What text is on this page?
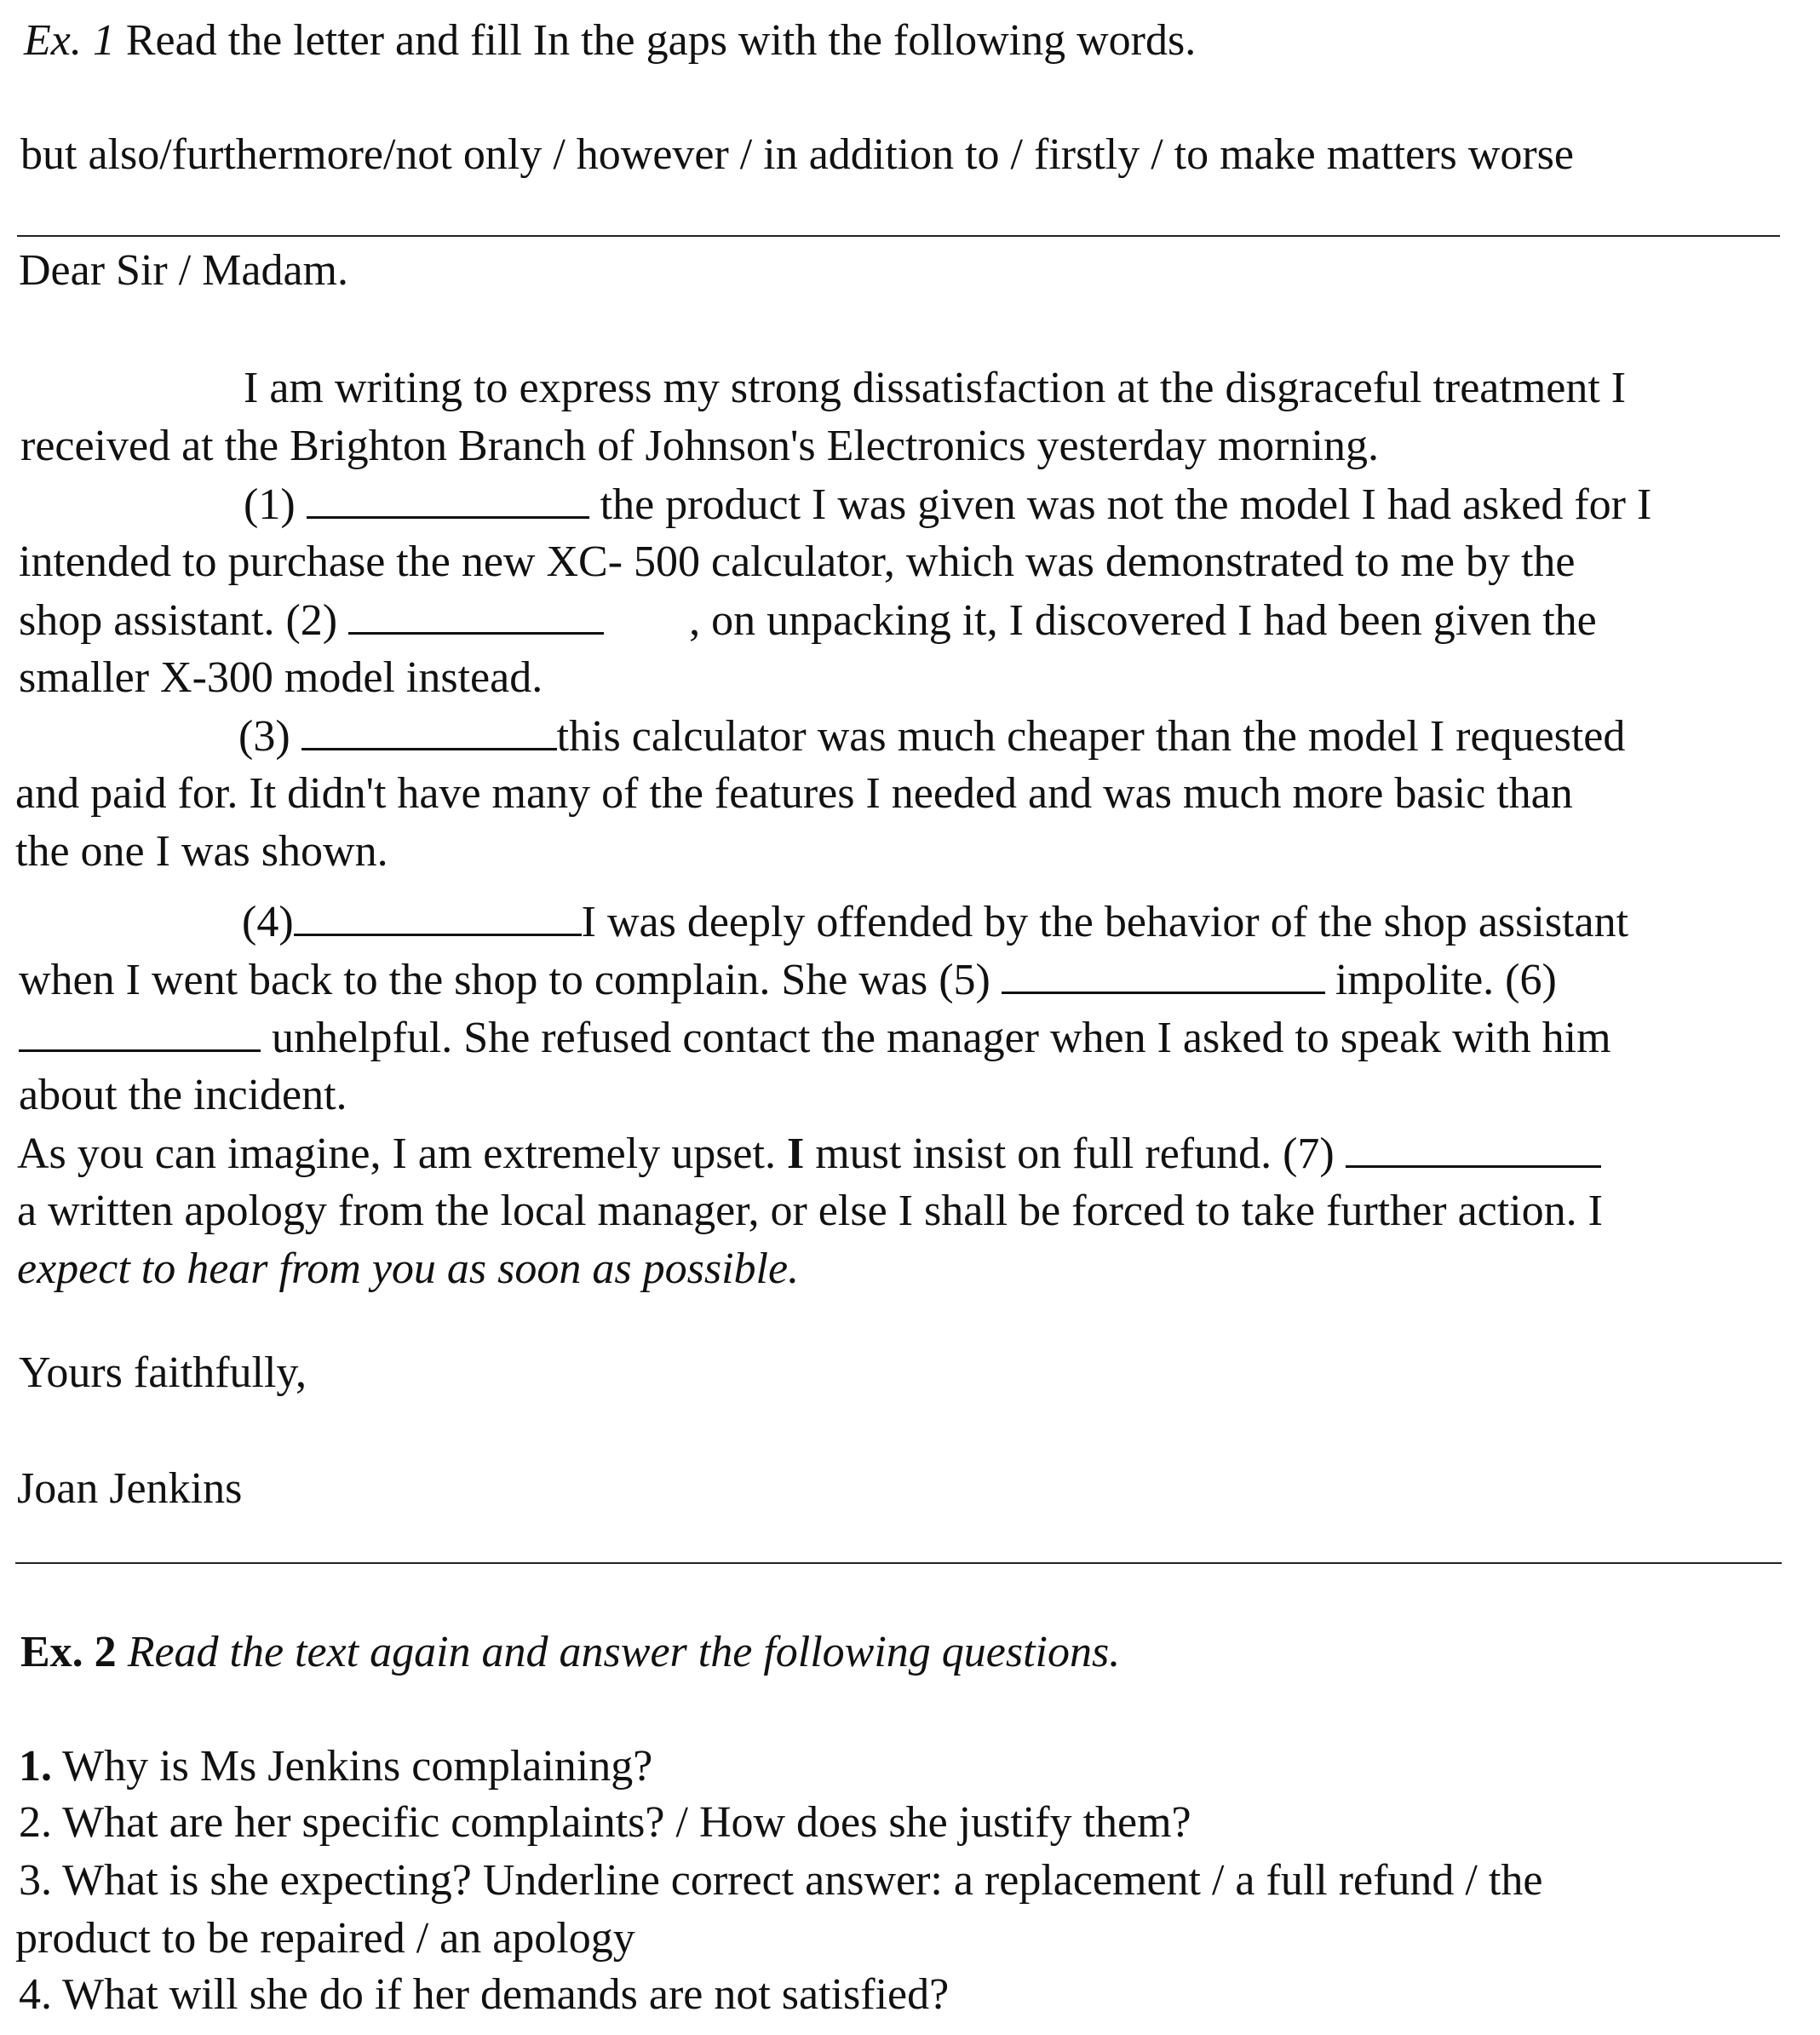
Ex. 1 Read the letter and fill In the gaps with the following words.
but also/furthermore/not only / however / in addition to / firstly / to make matters worse
Dear Sir / Madam.
I am writing to express my strong dissatisfaction at the disgraceful treatment I
received at the Brighton Branch of Johnson's Electronics yesterday morning.
(1)	the product I was given was not the model I had asked for I
intended to purchase the new XC- 500 calculator, which was demonstrated to me by the
shop assistant. (2)	, on unpacking it, I discovered I had been given the
smaller X-300 model instead.
(3)	this calculator was much cheaper than the model I requested
and paid for. It didn't have many of the features I needed and was much more basic than
the one I was shown.
(4)	I was deeply offended by the behavior of the shop assistant
when I went back to the shop to complain. She was (5)	impolite. (6)
unhelpful. She refused contact the manager when I asked to speak with him
about the incident.
As you can imagine, I am extremely upset. I must insist on full refund. (7)
a written apology from the local manager, or else I shall be forced to take further action. I
expect to hear from you as soon as possible.
Yours faithfully,
Joan Jenkins
Ex. 2 Read the text again and answer the following questions.
1. Why is Ms Jenkins complaining?
2. What are her specific complaints? / How does she justify them?
3. What is she expecting? Underline correct answer: a replacement / a full refund / the
product to be repaired / an apology
4. What will she do if her demands are not satisfied?
